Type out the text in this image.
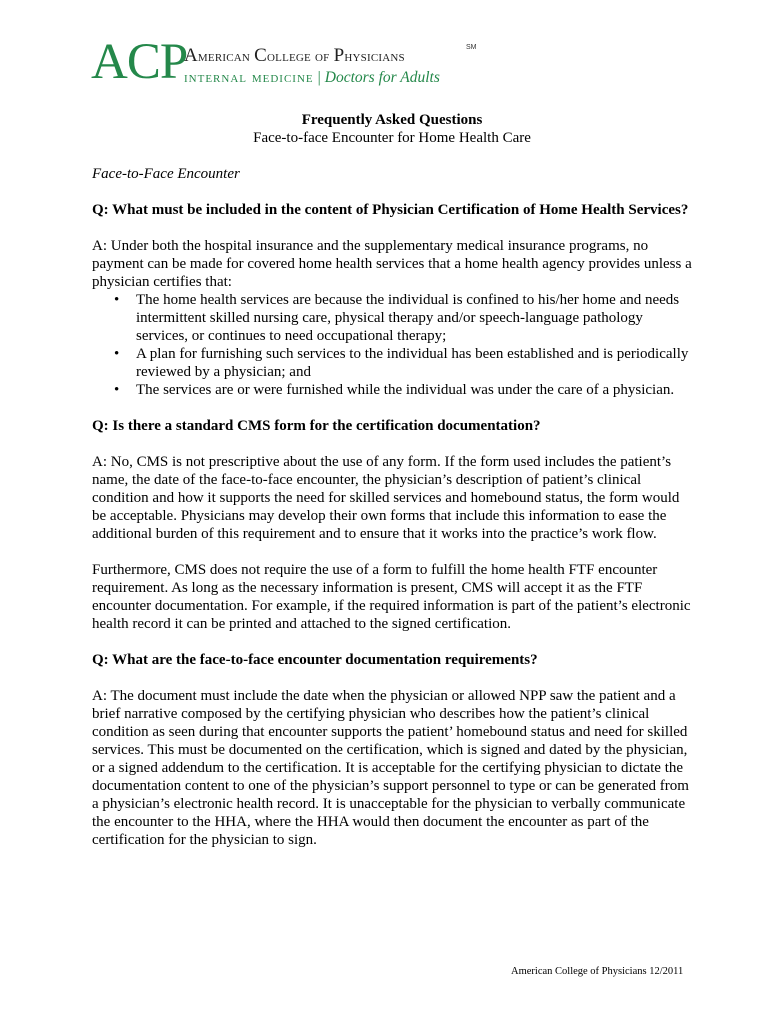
ACP
American College of Physicians
SM
internal medicine | Doctors for Adults

Frequently Asked Questions

Face-to-face Encounter for Home Health Care

Face-to-Face Encounter

Q: What must be included in the content of Physician Certification of Home Health Services?

A: Under both the hospital insurance and the supplementary medical insurance programs, no payment can be made for covered home health services that a home health agency provides unless a physician certifies that:

• The home health services are because the individual is confined to his/her home and needs intermittent skilled nursing care, physical therapy and/or speech-language pathology services, or continues to need occupational therapy;
• A plan for furnishing such services to the individual has been established and is periodically reviewed by a physician; and
• The services are or were furnished while the individual was under the care of a physician.

Q: Is there a standard CMS form for the certification documentation?

A: No, CMS is not prescriptive about the use of any form. If the form used includes the patient’s name, the date of the face-to-face encounter, the physician’s description of patient’s clinical condition and how it supports the need for skilled services and homebound status, the form would be acceptable. Physicians may develop their own forms that include this information to ease the additional burden of this requirement and to ensure that it works into the practice’s work flow.

Furthermore, CMS does not require the use of a form to fulfill the home health FTF encounter requirement. As long as the necessary information is present, CMS will accept it as the FTF encounter documentation. For example, if the required information is part of the patient’s electronic health record it can be printed and attached to the signed certification.

Q: What are the face-to-face encounter documentation requirements?

A: The document must include the date when the physician or allowed NPP saw the patient and a brief narrative composed by the certifying physician who describes how the patient’s clinical condition as seen during that encounter supports the patient’ homebound status and need for skilled services. This must be documented on the certification, which is signed and dated by the physician, or a signed addendum to the certification. It is acceptable for the certifying physician to dictate the documentation content to one of the physician’s support personnel to type or can be generated from a physician’s electronic health record. It is unacceptable for the physician to verbally communicate the encounter to the HHA, where the HHA would then document the encounter as part of the certification for the physician to sign.

American College of Physicians 12/2011
